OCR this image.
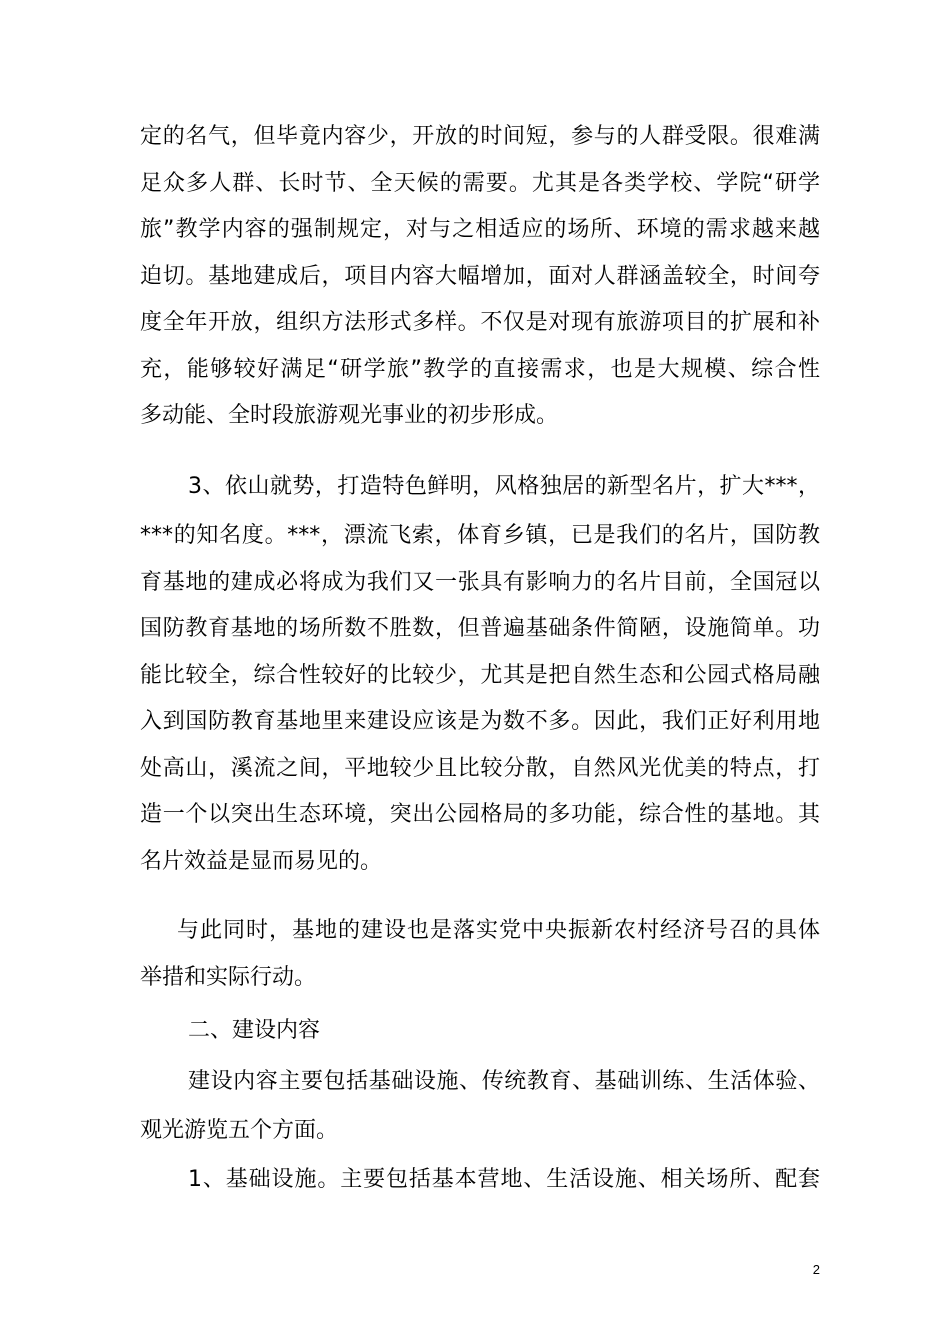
定的名气，但毕竟内容少，开放的时间短，参与的人群受限。很难满
足众多人群、长时节、全天候的需要。尤其是各类学校、学院“研学
旅”教学内容的强制规定，对与之相适应的场所、环境的需求越来越
迫切。基地建成后，项目内容大幅增加，面对人群涵盖较全，时间夸
度全年开放，组织方法形式多样。不仅是对现有旅游项目的扩展和补
充，能够较好满足“研学旅”教学的直接需求，也是大规模、综合性
多动能、全时段旅游观光事业的初步形成。
3、依山就势，打造特色鲜明，风格独居的新型名片，扩大***，
***的知名度。***，漂流飞索，体育乡镇，已是我们的名片，国防教
育基地的建成必将成为我们又一张具有影响力的名片目前，全国冠以
国防教育基地的场所数不胜数，但普遍基础条件简陋，设施简单。功
能比较全，综合性较好的比较少，尤其是把自然生态和公园式格局融
入到国防教育基地里来建设应该是为数不多。因此，我们正好利用地
处高山，溪流之间，平地较少且比较分散，自然风光优美的特点，打
造一个以突出生态环境，突出公园格局的多功能，综合性的基地。其
名片效益是显而易见的。
与此同时，基地的建设也是落实党中央振新农村经济号召的具体
举措和实际行动。
二、建设内容
建设内容主要包括基础设施、传统教育、基础训练、生活体验、
观光游览五个方面。
1、基础设施。主要包括基本营地、生活设施、相关场所、配套
2
